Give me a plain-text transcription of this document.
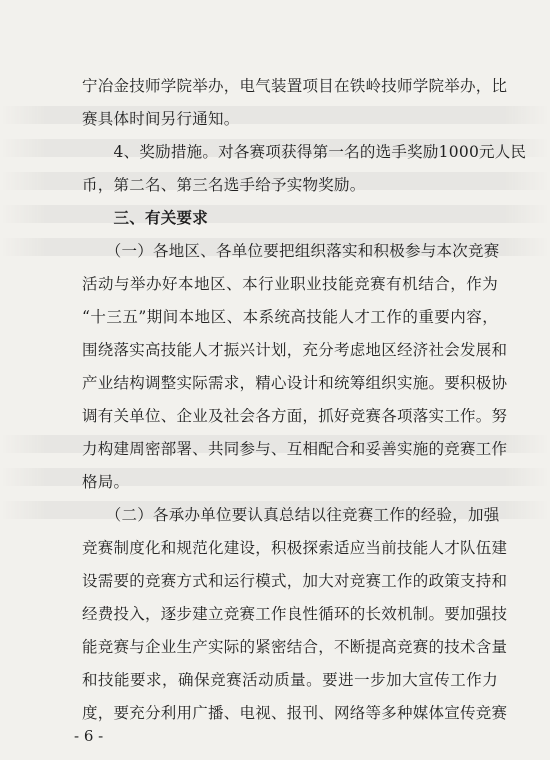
宁冶金技师学院举办，电气装置项目在铁岭技师学院举办，比
赛具体时间另行通知。
　　4、奖励措施。对各赛项获得第一名的选手奖励1000元人民
币，第二名、第三名选手给予实物奖励。
　　三、有关要求
　　（一）各地区、各单位要把组织落实和积极参与本次竞赛
活动与举办好本地区、本行业职业技能竞赛有机结合，作为
“十三五”期间本地区、本系统高技能人才工作的重要内容，
围绕落实高技能人才振兴计划，充分考虑地区经济社会发展和
产业结构调整实际需求，精心设计和统筹组织实施。要积极协
调有关单位、企业及社会各方面，抓好竞赛各项落实工作。努
力构建周密部署、共同参与、互相配合和妥善实施的竞赛工作
格局。
　　（二）各承办单位要认真总结以往竞赛工作的经验，加强
竞赛制度化和规范化建设，积极探索适应当前技能人才队伍建
设需要的竞赛方式和运行模式，加大对竞赛工作的政策支持和
经费投入，逐步建立竞赛工作良性循环的长效机制。要加强技
能竞赛与企业生产实际的紧密结合，不断提高竞赛的技术含量
和技能要求，确保竞赛活动质量。要进一步加大宣传工作力
度，要充分利用广播、电视、报刊、网络等多种媒体宣传竞赛
- 6 -
